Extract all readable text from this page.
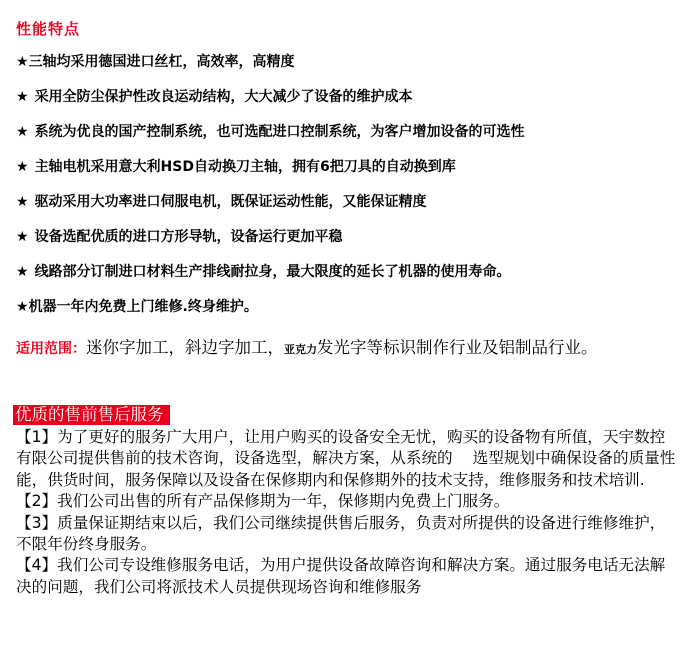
性能特点
★三轴均采用德国进口丝杠，高效率，高精度
★采用全防尘保护性改良运动结构，大大减少了设备的维护成本
★系统为优良的国产控制系统，也可选配进口控制系统，为客户增加设备的可选性
★主轴电机采用意大利HSD自动换刀主轴，拥有6把刀具的自动换到库
★驱动采用大功率进口伺服电机，既保证运动性能，又能保证精度
★设备选配优质的进口方形导轨，设备运行更加平稳
★线路部分订制进口材料生产排线耐拉身，最大限度的延长了机器的使用寿命。
★机器一年内免费上门维修.终身维护。
适用范围：迷你字加工，斜边字加工，亚克力发光字等标识制作行业及铝制品行业。
优质的售前售后服务

【1】为了更好的服务广大用户，让用户购买的设备安全无忧，购买的设备物有所值，天宇数控有限公司提供售前的技术咨询，设备选型，解决方案，从系统的 选型规划中确保设备的质量性能，供货时间，服务保障以及设备在保修期内和保修期外的技术支持，维修服务和技术培训.

【2】我们公司出售的所有产品保修期为一年，保修期内免费上门服务。

【3】质量保证期结束以后，我们公司继续提供售后服务，负责对所提供的设备进行维修维护，不限年份终身服务。

【4】我们公司专设维修服务电话，为用户提供设备故障咨询和解决方案。通过服务电话无法解决的问题，我们公司将派技术人员提供现场咨询和维修服务
